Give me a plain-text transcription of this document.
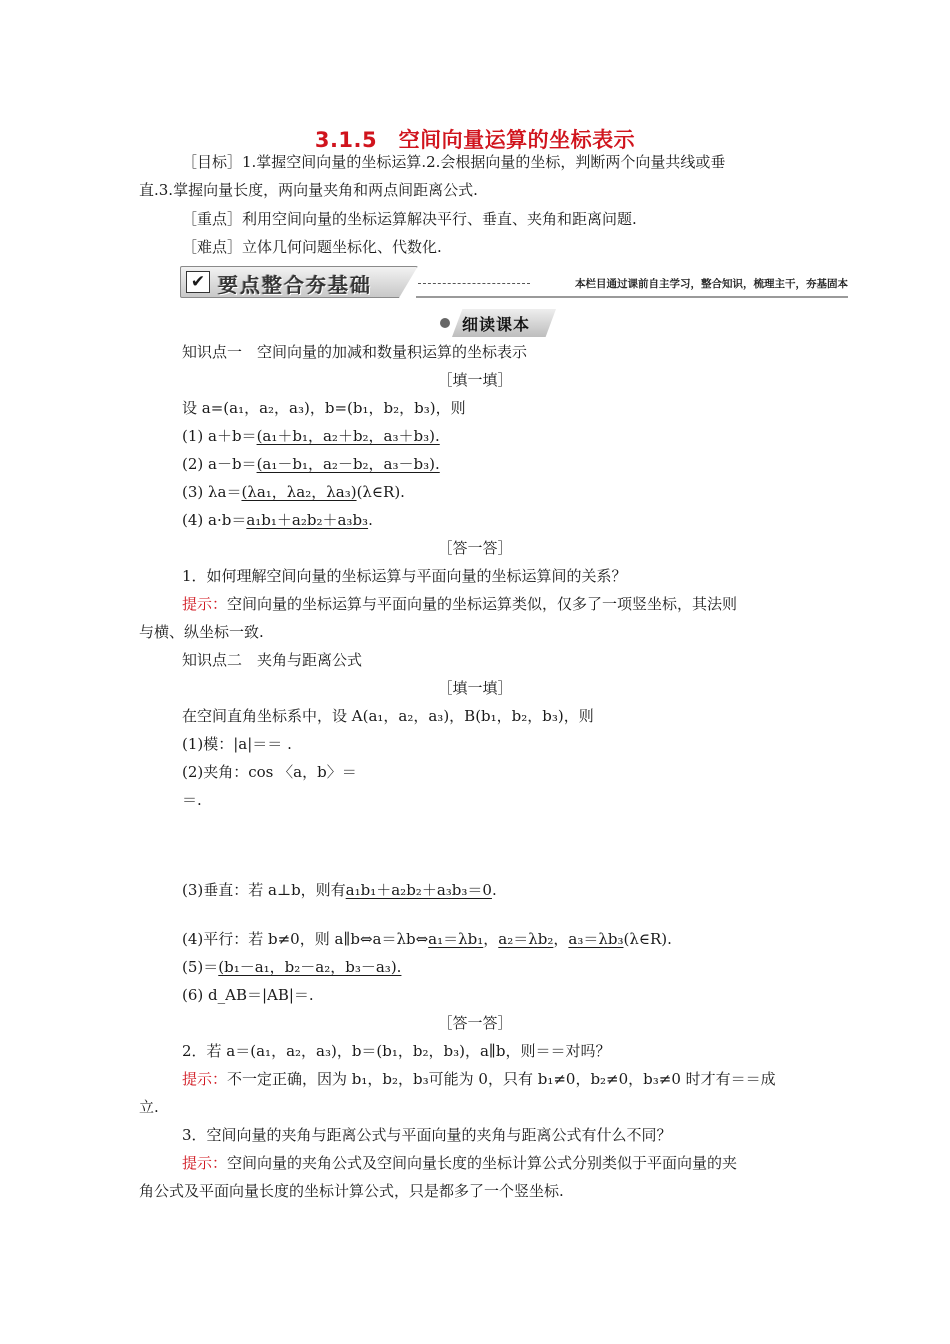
3.1.5　空间向量运算的坐标表示
［目标］1.掌握空间向量的坐标运算.2.会根据向量的坐标，判断两个向量共线或垂
直.3.掌握向量长度，两向量夹角和两点间距离公式.
［重点］利用空间向量的坐标运算解决平行、垂直、夹角和距离问题.
［难点］立体几何问题坐标化、代数化.
✔ 要点整合夯基础	本栏目通过课前自主学习，整合知识，梳理主干，夯基固本
细读课本
知识点一　空间向量的加减和数量积运算的坐标表示
［填一填］
设 a=(a₁，a₂，a₃)，b=(b₁，b₂，b₃)，则
(1) a＋b＝(a₁＋b₁，a₂＋b₂，a₃＋b₃).
(2) a－b＝(a₁－b₁，a₂－b₂，a₃－b₃).
(3) λa＝(λa₁，λa₂，λa₃)(λ∈R).
(4) a·b＝a₁b₁＋a₂b₂＋a₃b₃.
［答一答］
1．如何理解空间向量的坐标运算与平面向量的坐标运算间的关系？
提示：空间向量的坐标运算与平面向量的坐标运算类似，仅多了一项竖坐标，其法则
与横、纵坐标一致.
知识点二　夹角与距离公式
［填一填］
在空间直角坐标系中，设 A(a₁，a₂，a₃)，B(b₁，b₂，b₃)，则
(1)模：|a|＝＝ .
(2)夹角：cos 〈a，b〉＝
＝.
(3)垂直：若 a⊥b，则有a₁b₁＋a₂b₂＋a₃b₃＝0.
(4)平行：若 b≠0，则 a∥b⇔a＝λb⇔a₁＝λb₁，a₂＝λb₂，a₃＝λb₃(λ∈R).
(5)＝(b₁－a₁，b₂－a₂，b₃－a₃).
(6) d_AB＝|AB|＝.
［答一答］
2．若 a＝(a₁，a₂，a₃)，b＝(b₁，b₂，b₃)，a∥b，则＝＝对吗？
提示：不一定正确，因为 b₁，b₂，b₃可能为 0，只有 b₁≠0，b₂≠0，b₃≠0 时才有＝＝成
立.
3．空间向量的夹角与距离公式与平面向量的夹角与距离公式有什么不同？
提示：空间向量的夹角公式及空间向量长度的坐标计算公式分别类似于平面向量的夹
角公式及平面向量长度的坐标计算公式，只是都多了一个竖坐标.
